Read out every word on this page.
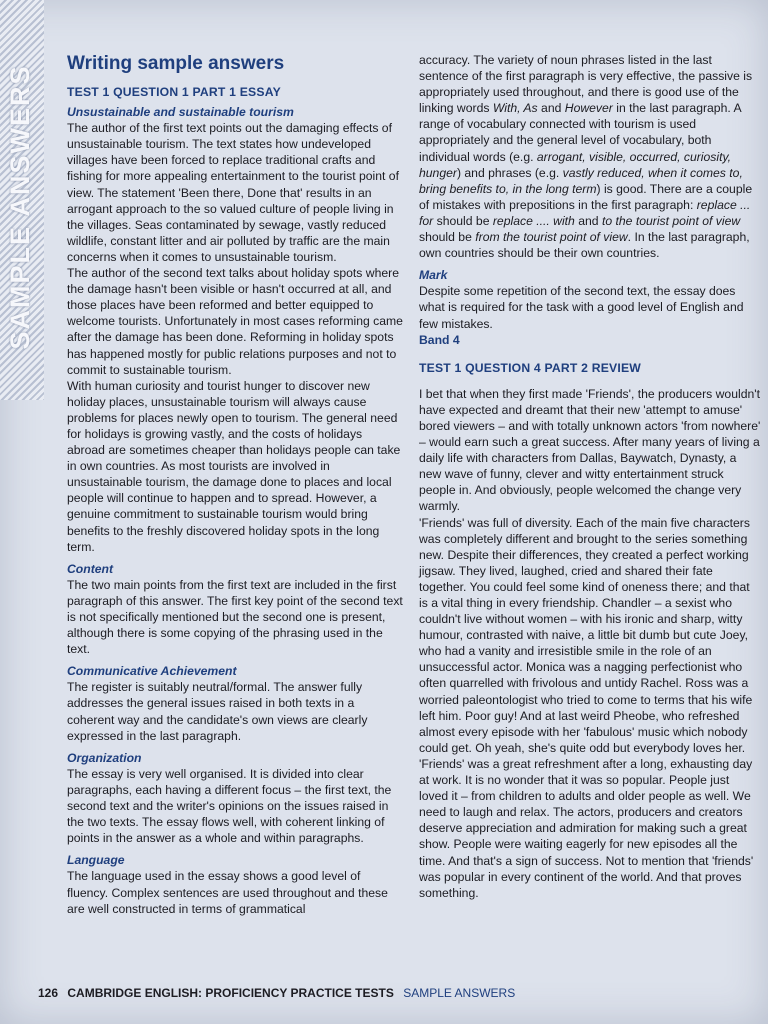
SAMPLE ANSWERS
Writing sample answers
TEST 1 QUESTION 1 PART 1 ESSAY
Unsustainable and sustainable tourism

The author of the first text points out the damaging effects of unsustainable tourism. The text states how undeveloped villages have been forced to replace traditional crafts and fishing for more appealing entertainment to the tourist point of view. The statement 'Been there, Done that' results in an arrogant approach to the so valued culture of people living in the villages. Seas contaminated by sewage, vastly reduced wildlife, constant litter and air polluted by traffic are the main concerns when it comes to unsustainable tourism.

The author of the second text talks about holiday spots where the damage hasn't been visible or hasn't occurred at all, and those places have been reformed and better equipped to welcome tourists. Unfortunately in most cases reforming came after the damage has been done. Reforming in holiday spots has happened mostly for public relations purposes and not to commit to sustainable tourism.

With human curiosity and tourist hunger to discover new holiday places, unsustainable tourism will always cause problems for places newly open to tourism. The general need for holidays is growing vastly, and the costs of holidays abroad are sometimes cheaper than holidays people can take in own countries. As most tourists are involved in unsustainable tourism, the damage done to places and local people will continue to happen and to spread. However, a genuine commitment to sustainable tourism would bring benefits to the freshly discovered holiday spots in the long term.

Content

The two main points from the first text are included in the first paragraph of this answer. The first key point of the second text is not specifically mentioned but the second one is present, although there is some copying of the phrasing used in the text.

Communicative Achievement

The register is suitably neutral/formal. The answer fully addresses the general issues raised in both texts in a coherent way and the candidate's own views are clearly expressed in the last paragraph.

Organization

The essay is very well organised. It is divided into clear paragraphs, each having a different focus – the first text, the second text and the writer's opinions on the issues raised in the two texts. The essay flows well, with coherent linking of points in the answer as a whole and within paragraphs.

Language

The language used in the essay shows a good level of fluency. Complex sentences are used throughout and these are well constructed in terms of grammatical

accuracy. The variety of noun phrases listed in the last sentence of the first paragraph is very effective, the passive is appropriately used throughout, and there is good use of the linking words With, As and However in the last paragraph. A range of vocabulary connected with tourism is used appropriately and the general level of vocabulary, both individual words (e.g. arrogant, visible, occurred, curiosity, hunger) and phrases (e.g. vastly reduced, when it comes to, bring benefits to, in the long term) is good. There are a couple of mistakes with prepositions in the first paragraph: replace ... for should be replace .... with and to the tourist point of view should be from the tourist point of view. In the last paragraph, own countries should be their own countries.

Mark

Despite some repetition of the second text, the essay does what is required for the task with a good level of English and few mistakes.

Band 4

TEST 1 QUESTION 4 PART 2 REVIEW

I bet that when they first made 'Friends', the producers wouldn't have expected and dreamt that their new 'attempt to amuse' bored viewers – and with totally unknown actors 'from nowhere' – would earn such a great success. After many years of living a daily life with characters from Dallas, Baywatch, Dynasty, a new wave of funny, clever and witty entertainment struck people in. And obviously, people welcomed the change very warmly.

'Friends' was full of diversity. Each of the main five characters was completely different and brought to the series something new. Despite their differences, they created a perfect working jigsaw. They lived, laughed, cried and shared their fate together. You could feel some kind of oneness there; and that is a vital thing in every friendship. Chandler – a sexist who couldn't live without women – with his ironic and sharp, witty humour, contrasted with naive, a little bit dumb but cute Joey, who had a vanity and irresistible smile in the role of an unsuccessful actor. Monica was a nagging perfectionist who often quarrelled with frivolous and untidy Rachel. Ross was a worried paleontologist who tried to come to terms that his wife left him. Poor guy! And at last weird Pheobe, who refreshed almost every episode with her 'fabulous' music which nobody could get. Oh yeah, she's quite odd but everybody loves her.

'Friends' was a great refreshment after a long, exhausting day at work. It is no wonder that it was so popular. People just loved it – from children to adults and older people as well. We need to laugh and relax. The actors, producers and creators deserve appreciation and admiration for making such a great show. People were waiting eagerly for new episodes all the time. And that's a sign of success. Not to mention that 'friends' was popular in every continent of the world. And that proves something.

126 CAMBRIDGE ENGLISH: PROFICIENCY PRACTICE TESTS SAMPLE ANSWERS
